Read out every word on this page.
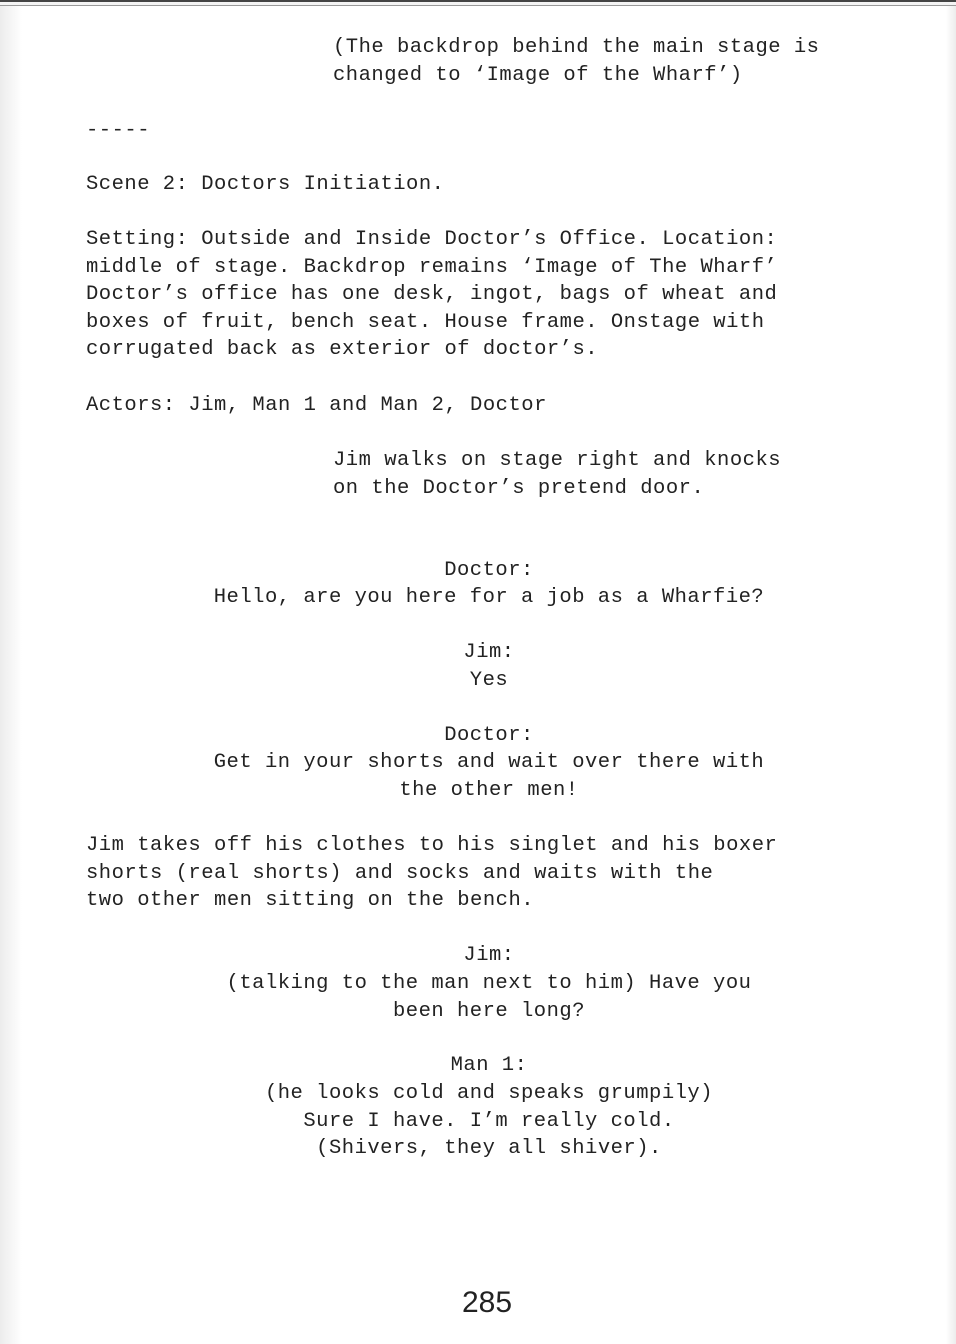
(The backdrop behind the main stage is
changed to ‘Image of the Wharf’)

-----

Scene 2: Doctors Initiation.

Setting: Outside and Inside Doctor’s Office. Location:
middle of stage. Backdrop remains ‘Image of The Wharf’
Doctor’s office has one desk, ingot, bags of wheat and
boxes of fruit, bench seat. House frame. Onstage with
corrugated back as exterior of doctor’s.

Actors: Jim, Man 1 and Man 2, Doctor

Jim walks on stage right and knocks
on the Doctor’s pretend door.

Doctor:

Hello, are you here for a job as a Wharfie?

Jim:

Yes

Doctor:

Get in your shorts and wait over there with
the other men!

Jim takes off his clothes to his singlet and his boxer
shorts (real shorts) and socks and waits with the
two other men sitting on the bench.

Jim:

(talking to the man next to him) Have you
been here long?

Man 1:

(he looks cold and speaks grumpily)
Sure I have. I’m really cold.
(Shivers, they all shiver).

285
